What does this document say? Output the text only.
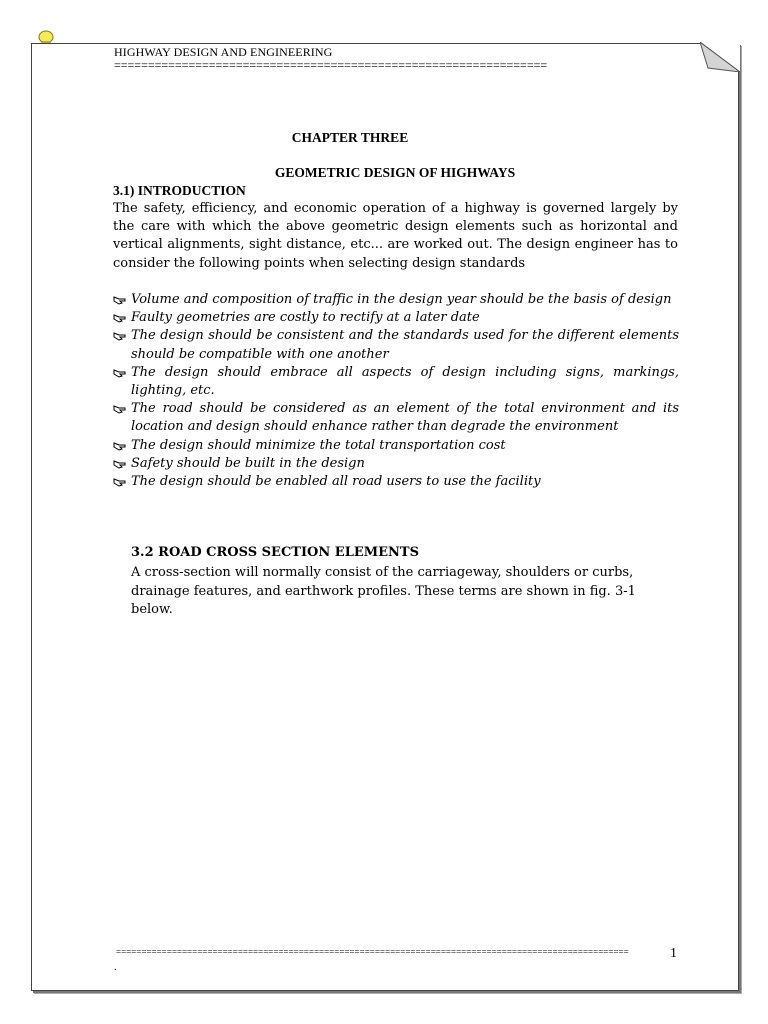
HIGHWAY DESIGN AND ENGINEERING
================================================================
CHAPTER THREE
GEOMETRIC DESIGN OF HIGHWAYS
3.1) INTRODUCTION

The safety, efficiency, and economic operation of a highway is governed largely by the care with which the above geometric design elements such as horizontal and vertical alignments, sight distance, etc... are worked out. The design engineer has to consider the following points when selecting design standards

Volume and composition of traffic in the design year should be the basis of design
Faulty geometries are costly to rectify at a later date
The design should be consistent and the standards used for the different elements should be compatible with one another
The design should embrace all aspects of design including signs, markings, lighting, etc.
The road should be considered as an element of the total environment and its location and design should enhance rather than degrade the environment
The design should minimize the total transportation cost
Safety should be built in the design
The design should be enabled all road users to use the facility
3.2 ROAD CROSS SECTION ELEMENTS

A cross-section will normally consist of the carriageway, shoulders or curbs, drainage features, and earthwork profiles. These terms are shown in fig. 3-1 below.

=====================================================================================================	1
.
